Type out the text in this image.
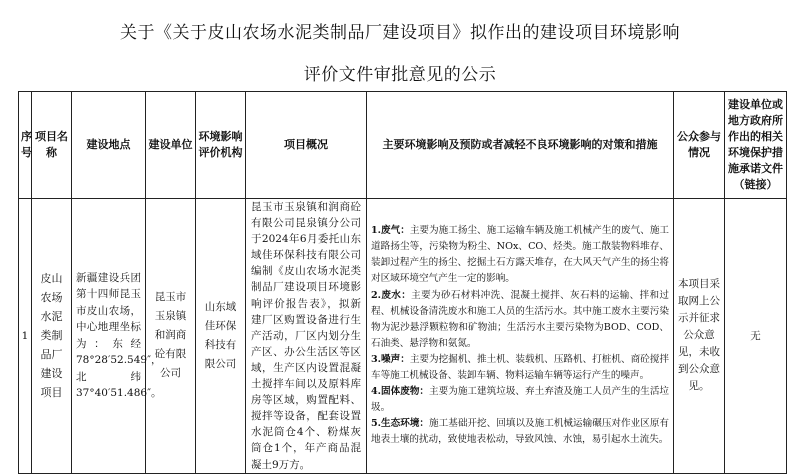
关于《关于皮山农场水泥类制品厂建设项目》拟作出的建设项目环境影响
评价文件审批意见的公示
序号	项目名称	建设地点	建设单位	环境影响评价机构	项目概况	主要环境影响及预防或者减轻不良环境影响的对策和措施	公众参与情况	建设单位或地方政府所作出的相关环境保护措施承诺文件（链接）
1	皮山农场水泥类制品厂建设项目	新疆建设兵团第十四师昆玉市皮山农场，中心地理坐标为：东经78°28′52.549″，北纬37°40′51.486″。	昆玉市玉泉镇和润商砼有限公司	山东域佳环保科技有限公司	昆玉市玉泉镇和润商砼有限公司昆泉镇分公司于2024年6月委托山东域佳环保科技有限公司编制《皮山农场水泥类制品厂建设项目环境影响评价报告表》，拟新建厂区购置设备进行生产活动，厂区内划分生产区、办公生活区等区域，生产区内设置混凝土搅拌车间以及原料库房等区域，购置配料、搅拌等设备，配套设置水泥筒仓4个、粉煤灰筒仓1个，年产商品混凝土9万方。	1.废气：主要为施工扬尘、施工运输车辆及施工机械产生的废气、施工道路扬尘等，污染物为粉尘、NOx、CO、烃类。施工散装物料堆存、装卸过程产生的扬尘、挖掘土石方露天堆存，在大风天气产生的扬尘将对区域环境空气产生一定的影响。

2.废水：主要为砂石材料冲洗、混凝土搅拌、灰石料的运输、拌和过程、机械设备清洗废水和施工人员的生活污水。其中施工废水主要污染物为泥沙悬浮颗粒物和矿物油；生活污水主要污染物为BOD、COD、石油类、悬浮物和氨氮。

3.噪声：主要为挖掘机、推土机、装载机、压路机、打桩机、商砼搅拌车等施工机械设备、装卸车辆、物料运输车辆等运行产生的噪声。

4.固体废物：主要为施工建筑垃圾、弃土弃渣及施工人员产生的生活垃圾。

5.生态环境：施工基础开挖、回填以及施工机械运输碾压对作业区原有地表土壤的扰动，致使地表松动，导致风蚀、水蚀，易引起水土流失。	本项目采取网上公示并征求公众意见，未收到公众意见。	无
